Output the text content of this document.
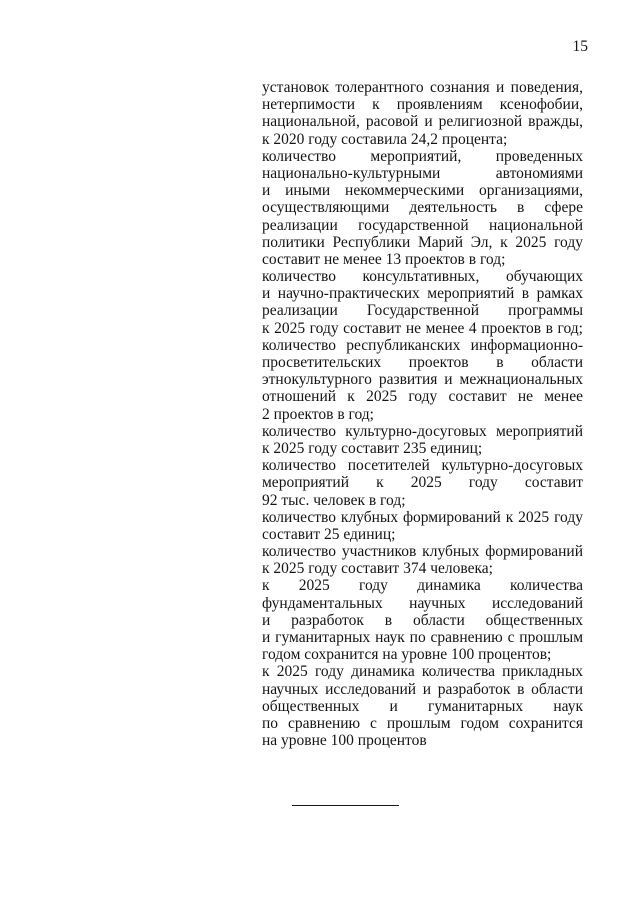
15
установок толерантного сознания и поведения,
нетерпимости к проявлениям ксенофобии,
национальной, расовой и религиозной вражды,
к 2020 году составила 24,2 процента;
количество мероприятий, проведенных
национально-культурными автономиями
и иными некоммерческими организациями,
осуществляющими деятельность в сфере
реализации государственной национальной
политики Республики Марий Эл, к 2025 году
составит не менее 13 проектов в год;
количество консультативных, обучающих
и научно-практических мероприятий в рамках
реализации Государственной программы
к 2025 году составит не менее 4 проектов в год;
количество республиканских информационно-
просветительских проектов в области
этнокультурного развития и межнациональных
отношений к 2025 году составит не менее
2 проектов в год;
количество культурно-досуговых мероприятий
к 2025 году составит 235 единиц;
количество посетителей культурно-досуговых
мероприятий к 2025 году составит
92 тыс. человек в год;
количество клубных формирований к 2025 году
составит 25 единиц;
количество участников клубных формирований
к 2025 году составит 374 человека;
к 2025 году динамика количества
фундаментальных научных исследований
и разработок в области общественных
и гуманитарных наук по сравнению с прошлым
годом сохранится на уровне 100 процентов;
к 2025 году динамика количества прикладных
научных исследований и разработок в области
общественных и гуманитарных наук
по сравнению с прошлым годом сохранится
на уровне 100 процентов
